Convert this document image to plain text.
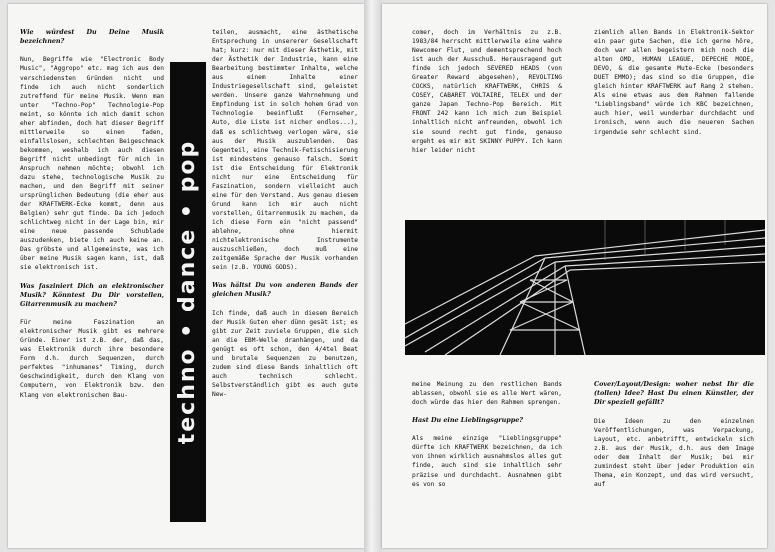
Wie würdest Du Deine Musik bezeichnen?
Nun, Begriffe wie "Electronic Body Music", "Aggropo" etc. mag ich aus den verschiedensten Gründen nicht und finde ich auch nicht sonderlich zutreffend für meine Musik. Wenn man unter "Techno-Pop" Technologie-Pop meint, so könnte ich mich damit schon eher abfinden, doch hat dieser Begriff mittlerweile so einen faden, einfallslosen, schlechten Beigeschmack bekommen, weshalb ich auch diesen Begriff nicht unbedingt für mich in Anspruch nehmen möchte; obwohl ich dazu stehe, technologische Musik zu machen, und den Begriff mit seiner ursprünglichen Bedeutung (die eher aus der KRAFTWERK-Ecke kommt, denn aus Belgien) sehr gut finde. Da ich jedoch schlichtweg nicht in der Lage bin, mir eine neue passende Schublade auszudenken, biete ich auch keine an. Das gröbste und allgemeinste, was ich über meine Musik sagen kann, ist, daß sie elektronisch ist.
Was fasziniert Dich an elektronischer Musik? Könntest Du Dir vorstellen, Gitarrenmusik zu machen?
Für meine Faszination an elektronischer Musik gibt es mehrere Gründe. Einer ist z.B. der, daß das, was Elektronik durch ihre besondere Form d.h. durch Sequenzen, durch perfektes "inhumanes" Timing, durch Geschwindigkeit, durch den Klang von Computern, von Elektronik bzw. den Klang von elektronischen Bau-	techno • dance • pop
teilen, ausmacht, eine ästhetische Entsprechung in unsererer Gesellschaft hat; kurz: nur mit dieser Ästhetik, mit der Ästhetik der Industrie, kann eine Bearbeitung bestimmter Inhalte, welche aus einem Inhalte einer Industriegesellschaft sind, geleistet werden. Unsere ganze Wahrnehmung und Empfindung ist in solch hohem Grad von Technologie beeinflußt (Fernseher, Auto, die Liste ist nicher endlos...), daß es schlichtweg verlogen wäre, sie aus der Musik auszublenden. Das Gegenteil, eine Technik-Fetischisierung ist mindestens genauso falsch. Somit ist die Entscheidung für Elektronik nicht nur eine Entscheidung für Faszination, sondern vielleicht auch eine für den Verstand. Aus genau diesem Grund kann ich mir auch nicht vorstellen, Gitarrenmusik zu machen, da ich diese Form ein "nicht passend" ablehne, ohne hiermit nichtelektronische Instrumente auszuschließen, doch muß eine zeitgemäße Sprache der Musik vorhanden sein (z.B. YOUNG GODS).
Was hältst Du von anderen Bands der gleichen Musik?
Ich finde, daß auch in diesem Bereich der Musik Guten eher dünn gesät ist; es gibt zur Zeit zuviele Gruppen, die sich an die EBM-Welle dranhängen, und da genügt es oft schon, den 4/4tel Beat und brutale Sequenzen zu benutzen, zudem sind diese Bands inhaltlich oft auch technisch schlecht. Selbstverständlich gibt es auch gute New-
comer, doch im Verhältnis zu z.B. 1983/84 herrscht mittlerweile eine wahre Newcomer Flut, und dementsprechend hoch ist auch der Ausschuß. Herausragend gut finde ich jedoch SEVERED HEADS (von Greater Reward abgesehen), REVOLTING COCKS, natürlich KRAFTWERK, CHRIS & COSEY, CABARET VOLTAIRE, TELEX und der ganze Japan Techno-Pop Bereich. Mit FRONT 242 kann ich mich zum Beispiel inhaltlich nicht anfreunden, obwohl ich sie sound recht gut finde, genauso ergeht es mir mit SKINNY PUPPY. Ich kann hier leider nicht
ziemlich allen Bands in Elektronik-Sektor ein paar gute Sachen, die ich gerne höre, doch war allen begeistern mich noch die alten OMD, HUMAN LEAGUE, DEPECHE MODE, DEVO, & die gesamte Mute-Ecke (besonders DUET EMMO); das sind so die Gruppen, die gleich hinter KRAFTWERK auf Rang 2 stehen. Als eine etwas aus dem Rahmen fallende "Lieblingsband" würde ich KBC bezeichnen, auch hier, weil wunderbar durchdacht und ironisch, wenn auch die neueren Sachen irgendwie sehr schlecht sind.
meine Meinung zu den restlichen Bands ablassen, obwohl sie es alle Wert wären, doch würde das hier den Rahmen sprengen.
Hast Du eine Lieblingsgruppe?
Als meine einzige "Lieblingsgruppe" dürfte ich KRAFTWERK bezeichnen, da ich von ihnen wirklich ausnahmslos alles gut finde, auch sind sie inhaltlich sehr präzise und durchdacht. Ausnahmen gibt es von so
Cover/Layout/Design: woher nebst Ihr die (tollen) Idee? Hast Du einen Künstler, der Dir speziell gefällt?
Die Ideen zu den einzelnen Veröffentlichungen, was Verpackung, Layout, etc. anbetrifft, entwickeln sich z.B. aus der Musik, d.h. aus dem Image oder dem Inhalt der Musik; bei mir zumindest steht über jeder Produktion ein Thema, ein Konzept, und das wird versucht, auf
